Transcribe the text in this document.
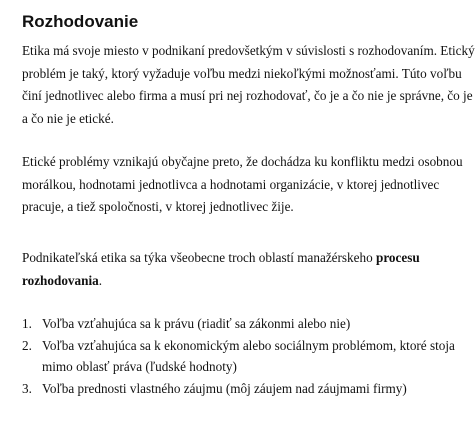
Rozhodovanie

Etika má svoje miesto v podnikaní predovšetkým v súvislosti s rozhodovaním. Etický
problém je taký, ktorý vyžaduje voľbu medzi niekoľkými možnosťami. Túto voľbu
činí jednotlivec alebo firma a musí pri nej rozhodovať, čo je a čo nie je správne, čo je
a čo nie je etické.

Etické problémy vznikajú obyčajne preto, že dochádza ku konfliktu medzi osobnou
morálkou, hodnotami jednotlivca a hodnotami organizácie, v ktorej jednotlivec
pracuje, a tiež spoločnosti, v ktorej jednotlivec žije.

Podnikateľská etika sa týka všeobecne troch oblastí manažérskeho procesu
rozhodovania.

1. Voľba vzťahujúca sa k právu (riadiť sa zákonmi alebo nie)
2. Voľba vzťahujúca sa k ekonomickým alebo sociálnym problémom, ktoré stoja
mimo oblasť práva (ľudské hodnoty)
3. Voľba prednosti vlastného záujmu (môj záujem nad záujmami firmy)
